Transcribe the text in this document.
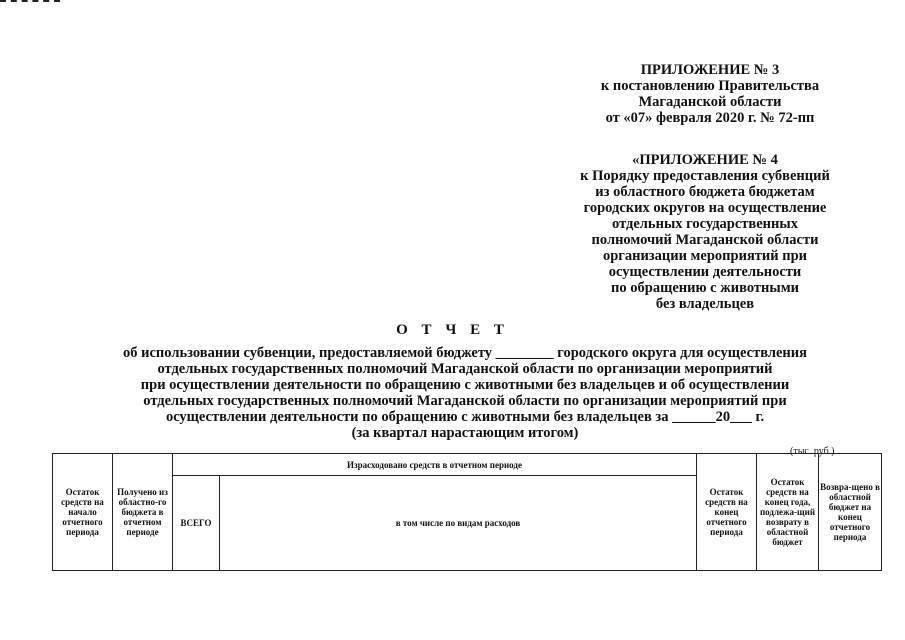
ПРИЛОЖЕНИЕ № 3
к постановлению Правительства
Магаданской области
от «07» февраля 2020 г. № 72-пп
«ПРИЛОЖЕНИЕ № 4
к Порядку предоставления субвенций
из областного бюджета бюджетам
городских округов на осуществление
отдельных государственных
полномочий Магаданской области
организации мероприятий при
осуществлении деятельности
по обращению с животными
без владельцев
О Т Ч Е Т
об использовании субвенции, предоставляемой бюджету ________ городского округа для осуществления
отдельных государственных полномочий Магаданской области по организации мероприятий
при осуществлении деятельности по обращению с животными без владельцев и об осуществлении
отдельных государственных полномочий Магаданской области по организации мероприятий при
осуществлении деятельности по обращению с животными без владельцев за ______20___ г.
(за квартал нарастающим итогом)
(тыс. руб.)
Остаток средств на начало отчетного периода	Получено из областно-го бюджета в отчетном периоде	Израсходовано средств в отчетном периоде		Остаток средств на конец отчетного периода	Остаток средств на конец года, подлежа-щий возврату в областной бюджет	Возвра-щено в областной бюджет на конец отчетного периода
		ВСЕГО	в том числе по видам расходов			
